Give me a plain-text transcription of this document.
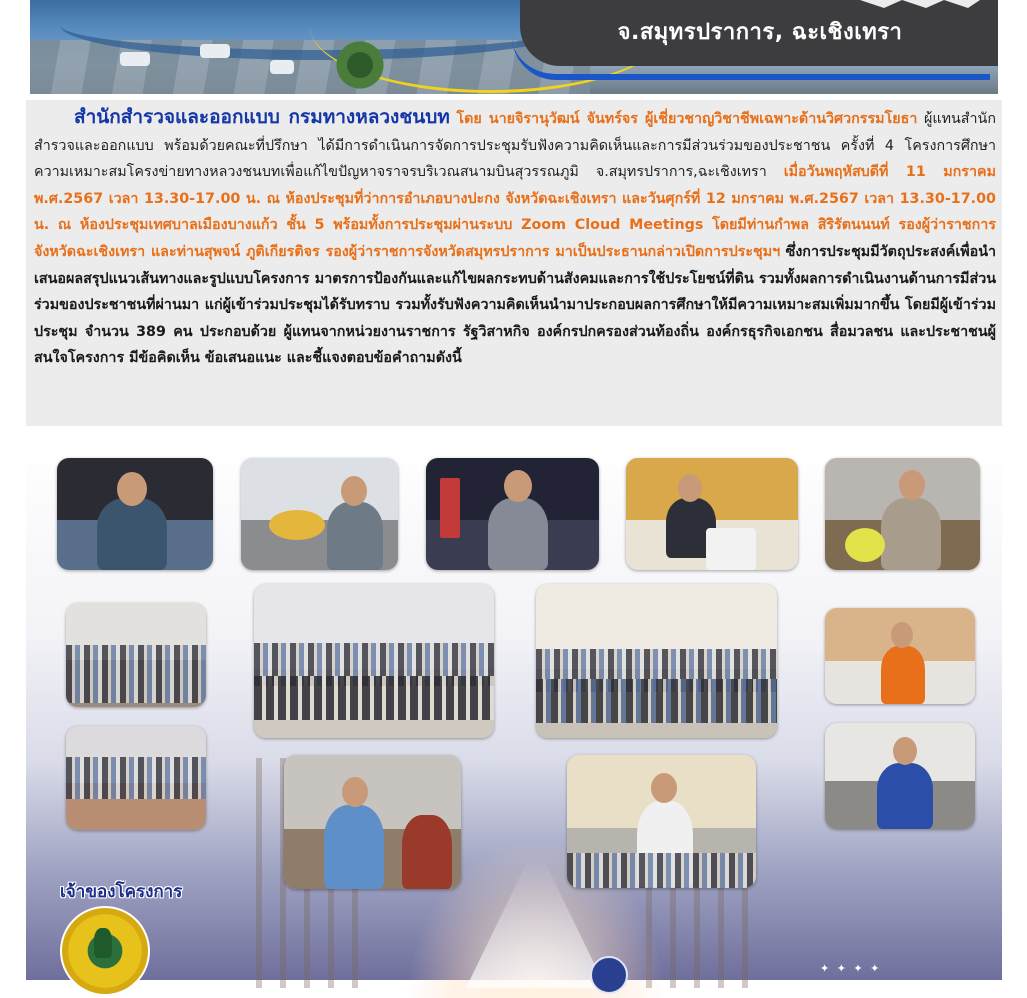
จ.สมุทรปราการ, ฉะเชิงเทรา
สำนักสำรวจและออกแบบ กรมทางหลวงชนบท โดย นายจิรานุวัฒน์ จันทร์จร ผู้เชี่ยวชาญวิชาชีพเฉพาะด้านวิศวกรรมโยธา ผู้แทนสำนักสำรวจและออกแบบ พร้อมด้วยคณะที่ปรึกษา ได้มีการดำเนินการจัดการประชุมรับฟังความคิดเห็นและการมีส่วนร่วมของประชาชน ครั้งที่ 4 โครงการศึกษาความเหมาะสมโครงข่ายทางหลวงชนบทเพื่อแก้ไขปัญหาจราจรบริเวณสนามบินสุวรรณภูมิ จ.สมุทรปราการ,ฉะเชิงเทรา เมื่อวันพฤหัสบดีที่ 11 มกราคม พ.ศ.2567 เวลา 13.30-17.00 น. ณ ห้องประชุมที่ว่าการอำเภอบางปะกง จังหวัดฉะเชิงเทรา และวันศุกร์ที่ 12 มกราคม พ.ศ.2567 เวลา 13.30-17.00 น. ณ ห้องประชุมเทศบาลเมืองบางแก้ว ชั้น 5 พร้อมทั้งการประชุมผ่านระบบ Zoom Cloud Meetings โดยมีท่านกำพล สิริรัตนนนท์ รองผู้ว่าราชการจังหวัดฉะเชิงเทรา และท่านสุพจน์ ภูติเกียรติจร รองผู้ว่าราชการจังหวัดสมุทรปราการ มาเป็นประธานกล่าวเปิดการประชุมฯ ซึ่งการประชุมมีวัตถุประสงค์เพื่อนำเสนอผลสรุปแนวเส้นทางและรูปแบบโครงการ มาตรการป้องกันและแก้ไขผลกระทบด้านสังคมและการใช้ประโยชน์ที่ดิน รวมทั้งผลการดำเนินงานด้านการมีส่วนร่วมของประชาชนที่ผ่านมา แก่ผู้เข้าร่วมประชุมได้รับทราบ รวมทั้งรับฟังความคิดเห็นนำมาประกอบผลการศึกษาให้มีความเหมาะสมเพิ่มมากขึ้น โดยมีผู้เข้าร่วมประชุม จำนวน 389 คน ประกอบด้วย ผู้แทนจากหน่วยงานราชการ รัฐวิสาหกิจ องค์กรปกครองส่วนท้องถิ่น องค์กรธุรกิจเอกชน สื่อมวลชน และประชาชนผู้สนใจโครงการ มีข้อคิดเห็น ข้อเสนอแนะ และชี้แจงตอบข้อคำถามดังนี้
เจ้าของโครงการ
✦ ✦ ✦ ✦
